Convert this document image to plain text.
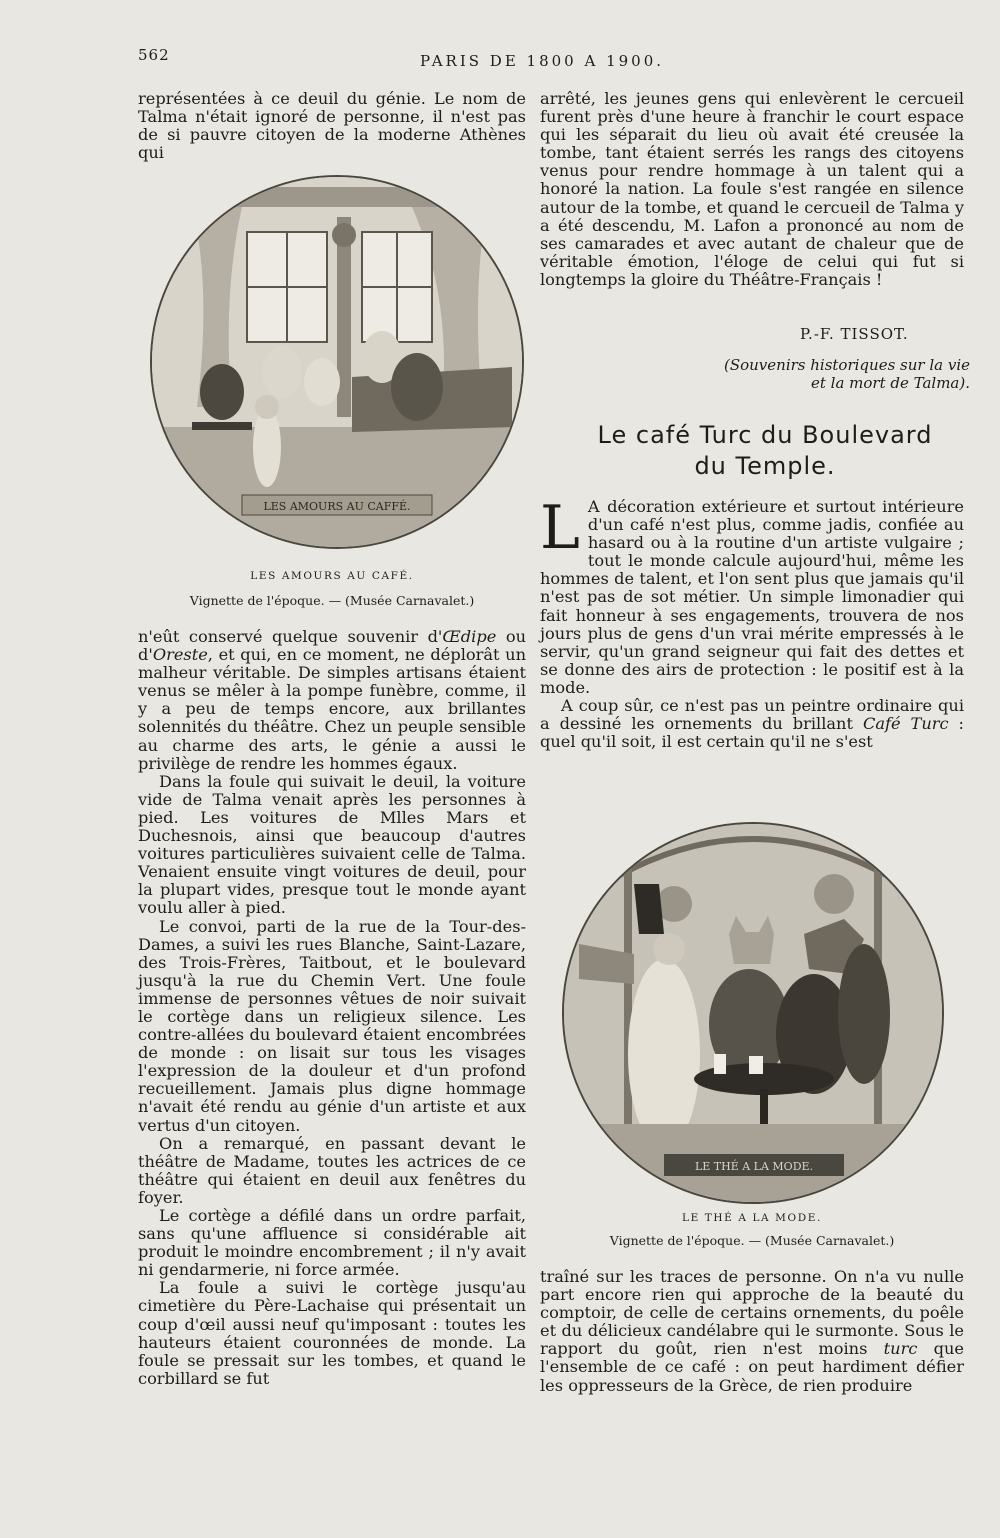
562	PARIS DE 1800 A 1900.

représentées à ce deuil du génie. Le nom de Talma n'était ignoré de personne, il n'est pas de si pauvre citoyen de la moderne Athènes qui

LES AMOURS AU CAFFÉ.
LES AMOURS AU CAFÉ.
Vignette de l'époque. — (Musée Carnavalet.)

n'eût conservé quelque souvenir d'Œdipe ou d'Oreste, et qui, en ce moment, ne déplorât un malheur véritable. De simples artisans étaient venus se mêler à la pompe funèbre, comme, il y a peu de temps encore, aux brillantes solennités du théâtre. Chez un peuple sensible au charme des arts, le génie a aussi le privilège de rendre les hommes égaux.

Dans la foule qui suivait le deuil, la voiture vide de Talma venait après les personnes à pied. Les voitures de Mlles Mars et Duchesnois, ainsi que beaucoup d'autres voitures particulières suivaient celle de Talma. Venaient ensuite vingt voitures de deuil, pour la plupart vides, presque tout le monde ayant voulu aller à pied.

Le convoi, parti de la rue de la Tour-des-Dames, a suivi les rues Blanche, Saint-Lazare, des Trois-Frères, Taitbout, et le boulevard jusqu'à la rue du Chemin Vert. Une foule immense de personnes vêtues de noir suivait le cortège dans un religieux silence. Les contre-allées du boulevard étaient encombrées de monde : on lisait sur tous les visages l'expression de la douleur et d'un profond recueillement. Jamais plus digne hommage n'avait été rendu au génie d'un artiste et aux vertus d'un citoyen.

On a remarqué, en passant devant le théâtre de Madame, toutes les actrices de ce théâtre qui étaient en deuil aux fenêtres du foyer.

Le cortège a défilé dans un ordre parfait, sans qu'une affluence si considérable ait produit le moindre encombrement ; il n'y avait ni gendarmerie, ni force armée.

La foule a suivi le cortège jusqu'au cimetière du Père-Lachaise qui présentait un coup d'œil aussi neuf qu'imposant : toutes les hauteurs étaient couronnées de monde. La foule se pressait sur les tombes, et quand le corbillard se fut

arrêté, les jeunes gens qui enlevèrent le cercueil furent près d'une heure à franchir le court espace qui les séparait du lieu où avait été creusée la tombe, tant étaient serrés les rangs des citoyens venus pour rendre hommage à un talent qui a honoré la nation. La foule s'est rangée en silence autour de la tombe, et quand le cercueil de Talma y a été descendu, M. Lafon a prononcé au nom de ses camarades et avec autant de chaleur que de véritable émotion, l'éloge de celui qui fut si longtemps la gloire du Théâtre-Français !

P.-F. TISSOT.
(Souvenirs historiques sur la vie
et la mort de Talma).
Le café Turc du Boulevard
du Temple.

L A décoration extérieure et surtout intérieure d'un café n'est plus, comme jadis, confiée au hasard ou à la routine d'un artiste vulgaire ; tout le monde calcule aujourd'hui, même les hommes de talent, et l'on sent plus que jamais qu'il n'est pas de sot métier. Un simple limonadier qui fait honneur à ses engagements, trouvera de nos jours plus de gens d'un vrai mérite empressés à le servir, qu'un grand seigneur qui fait des dettes et se donne des airs de protection : le positif est à la mode.

A coup sûr, ce n'est pas un peintre ordinaire qui a dessiné les ornements du brillant Café Turc : quel qu'il soit, il est certain qu'il ne s'est

LE THÉ A LA MODE.
LE THÉ A LA MODE.
Vignette de l'époque. — (Musée Carnavalet.)

traîné sur les traces de personne. On n'a vu nulle part encore rien qui approche de la beauté du comptoir, de celle de certains ornements, du poêle et du délicieux candélabre qui le surmonte. Sous le rapport du goût, rien n'est moins turc que l'ensemble de ce café : on peut hardiment défier les oppresseurs de la Grèce, de rien produire
